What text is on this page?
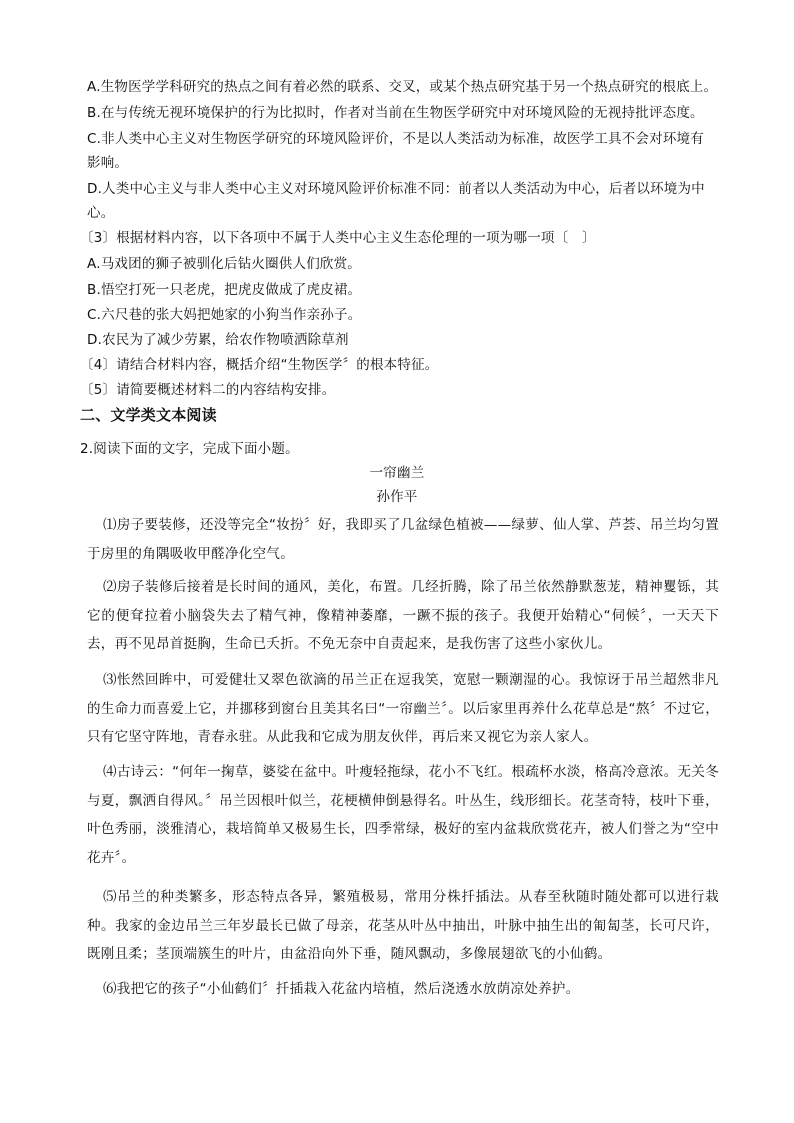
A.生物医学学科研究的热点之间有着必然的联系、交叉，或某个热点研究基于另一个热点研究的根底上。
B.在与传统无视环境保护的行为比拟时，作者对当前在生物医学研究中对环境风险的无视持批评态度。
C.非人类中心主义对生物医学研究的环境风险评价，不是以人类活动为标准，故医学工具不会对环境有
影响。
D.人类中心主义与非人类中心主义对环境风险评价标准不同：前者以人类活动为中心，后者以环境为中
心。
〔3〕根据材料内容，以下各项中不属于人类中心主义生态伦理的一项为哪一项〔　〕
A.马戏团的狮子被驯化后钻火圈供人们欣赏。
B.悟空打死一只老虎，把虎皮做成了虎皮裙。
C.六尺巷的张大妈把她家的小狗当作亲孙子。
D.农民为了减少劳累，给农作物喷洒除草剂
〔4〕请结合材料内容，概括介绍“生物医学〞的根本特征。
〔5〕请简要概述材料二的内容结构安排。
二、文学类文本阅读
2.阅读下面的文字，完成下面小题。
一帘幽兰
孙作平
⑴房子要装修，还没等完全“妆扮〞好，我即买了几盆绿色植被——绿萝、仙人掌、芦荟、吊兰均匀置于房里的角隅吸收甲醛净化空气。
⑵房子装修后接着是长时间的通风，美化，布置。几经折腾，除了吊兰依然静默葱茏，精神矍铄，其它的便耷拉着小脑袋失去了精气神，像精神萎靡，一蹶不振的孩子。我便开始精心“伺候〞，一天天下去，再不见昂首挺胸，生命已夭折。不免无奈中自责起来，是我伤害了这些小家伙儿。
⑶怅然回眸中，可爱健壮又翠色欲滴的吊兰正在逗我笑，宽慰一颗潮湿的心。我惊讶于吊兰超然非凡的生命力而喜爱上它，并挪移到窗台且美其名曰“一帘幽兰〞。以后家里再养什么花草总是“熬〞不过它，只有它坚守阵地，青春永驻。从此我和它成为朋友伙伴，再后来又视它为亲人家人。
⑷古诗云：“何年一掬草，婆娑在盆中。叶瘦轻拖绿，花小不飞红。根疏杯水淡，格高冷意浓。无关冬与夏，飘洒自得风。〞吊兰因根叶似兰，花梗横伸倒悬得名。叶丛生，线形细长。花茎奇特，枝叶下垂，叶色秀丽，淡雅清心，栽培简单又极易生长，四季常绿，极好的室内盆栽欣赏花卉，被人们誉之为“空中花卉〞。
⑸吊兰的种类繁多，形态特点各异，繁殖极易，常用分株扦插法。从春至秋随时随处都可以进行栽种。我家的金边吊兰三年岁最长已做了母亲，花茎从叶丛中抽出，叶脉中抽生出的匍匐茎，长可尺许，既刚且柔；茎顶端簇生的叶片，由盆沿向外下垂，随风飘动，多像展翅欲飞的小仙鹤。
⑹我把它的孩子“小仙鹤们〞扦插栽入花盆内培植，然后浇透水放荫凉处养护。
